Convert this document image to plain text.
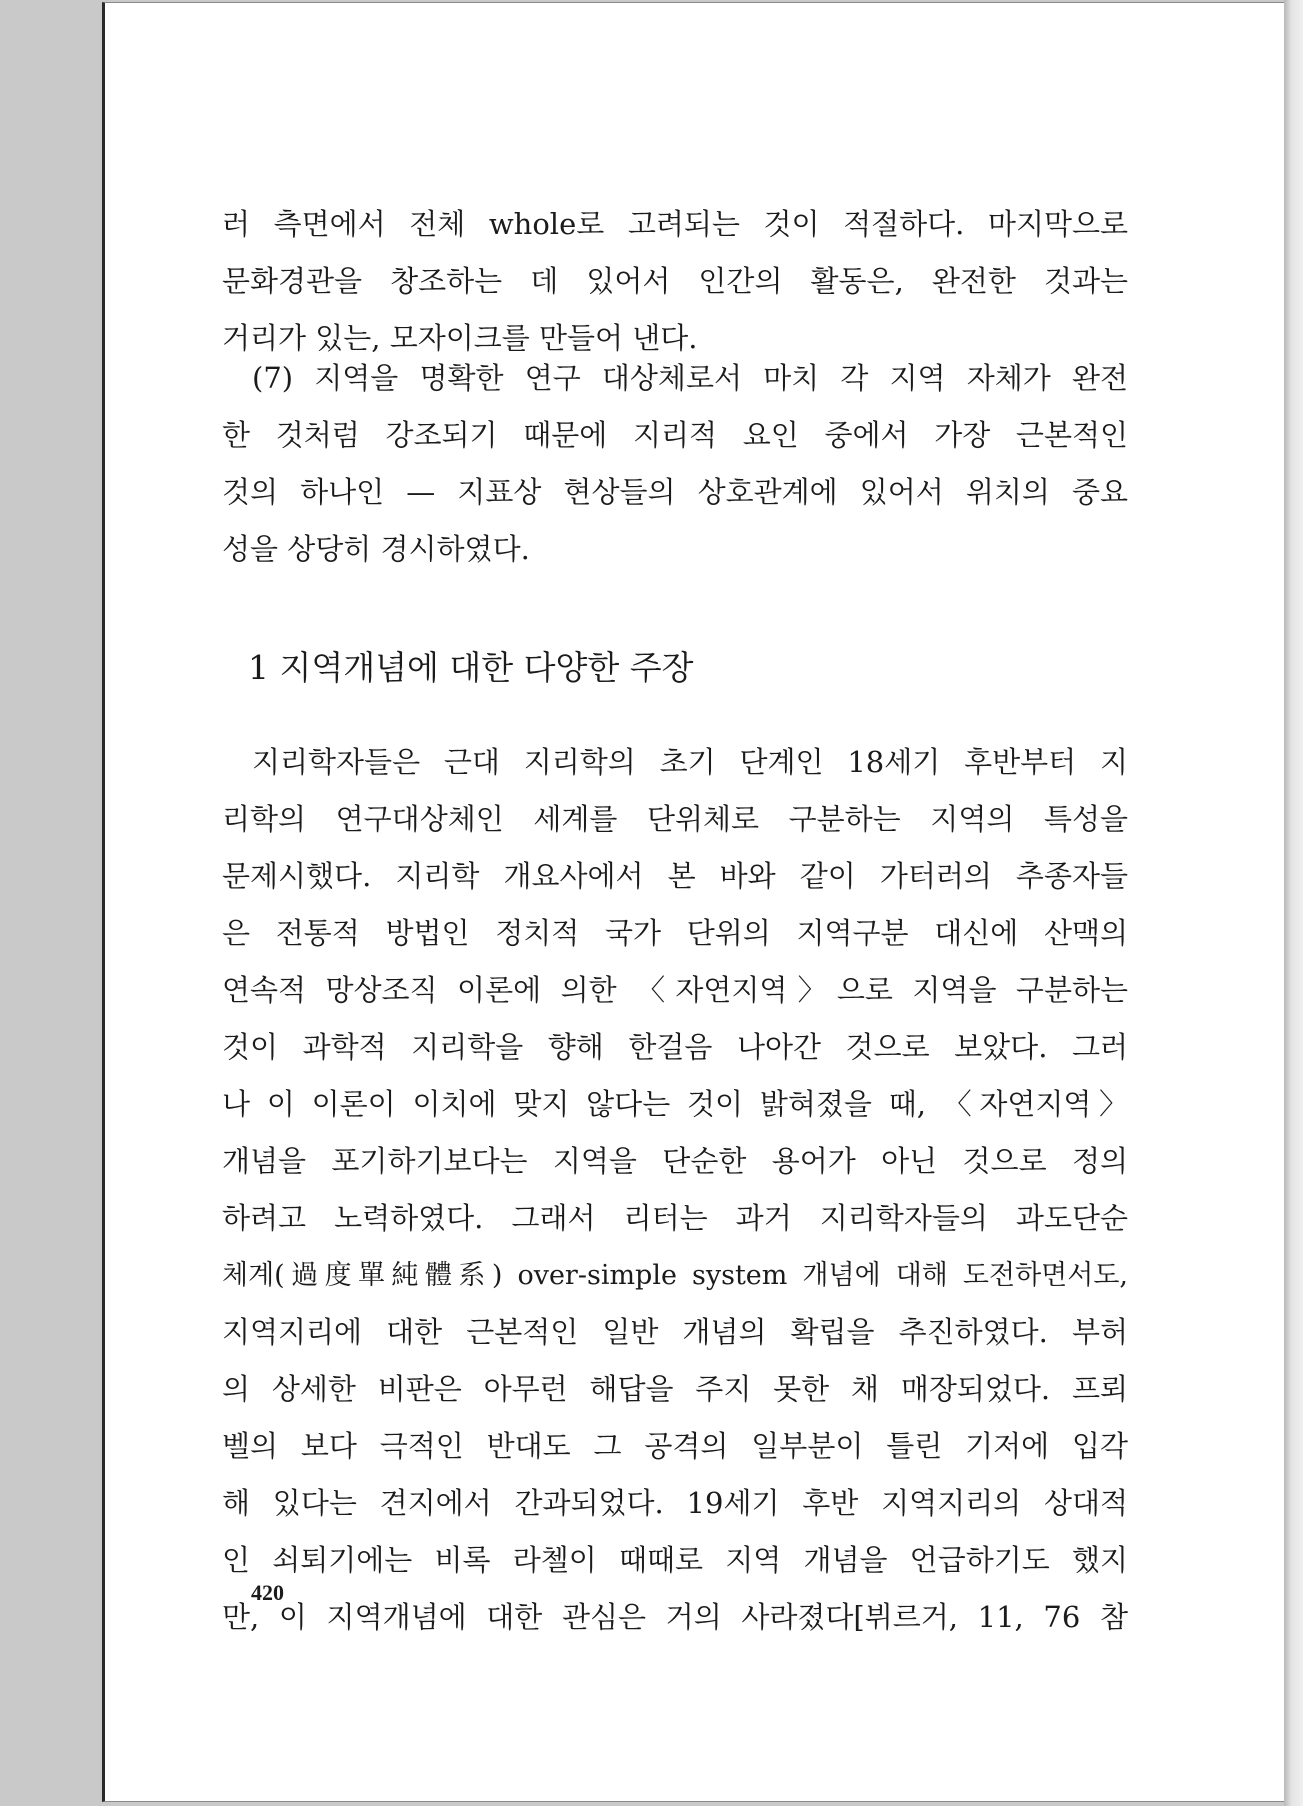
러 측면에서 전체 whole로 고려되는 것이 적절하다. 마지막으로
문화경관을 창조하는 데 있어서 인간의 활동은, 완전한 것과는
거리가 있는, 모자이크를 만들어 낸다.
(7) 지역을 명확한 연구 대상체로서 마치 각 지역 자체가 완전
한 것처럼 강조되기 때문에 지리적 요인 중에서 가장 근본적인
것의 하나인 — 지표상 현상들의 상호관계에 있어서 위치의 중요
성을 상당히 경시하였다.
1 지역개념에 대한 다양한 주장
지리학자들은 근대 지리학의 초기 단계인 18세기 후반부터 지
리학의 연구대상체인 세계를 단위체로 구분하는 지역의 특성을
문제시했다. 지리학 개요사에서 본 바와 같이 가터러의 추종자들
은 전통적 방법인 정치적 국가 단위의 지역구분 대신에 산맥의
연속적 망상조직 이론에 의한 〈자연지역〉으로 지역을 구분하는
것이 과학적 지리학을 향해 한걸음 나아간 것으로 보았다. 그러
나 이 이론이 이치에 맞지 않다는 것이 밝혀졌을 때, 〈자연지역〉
개념을 포기하기보다는 지역을 단순한 용어가 아닌 것으로 정의
하려고 노력하였다. 그래서 리터는 과거 지리학자들의 과도단순
체계(過度單純體系) over-simple system 개념에 대해 도전하면서도,
지역지리에 대한 근본적인 일반 개념의 확립을 추진하였다. 부허
의 상세한 비판은 아무런 해답을 주지 못한 채 매장되었다. 프뢰
벨의 보다 극적인 반대도 그 공격의 일부분이 틀린 기저에 입각
해 있다는 견지에서 간과되었다. 19세기 후반 지역지리의 상대적
인 쇠퇴기에는 비록 라첼이 때때로 지역 개념을 언급하기도 했지
만, 이 지역개념에 대한 관심은 거의 사라졌다[뷔르거, 11, 76 참
420
